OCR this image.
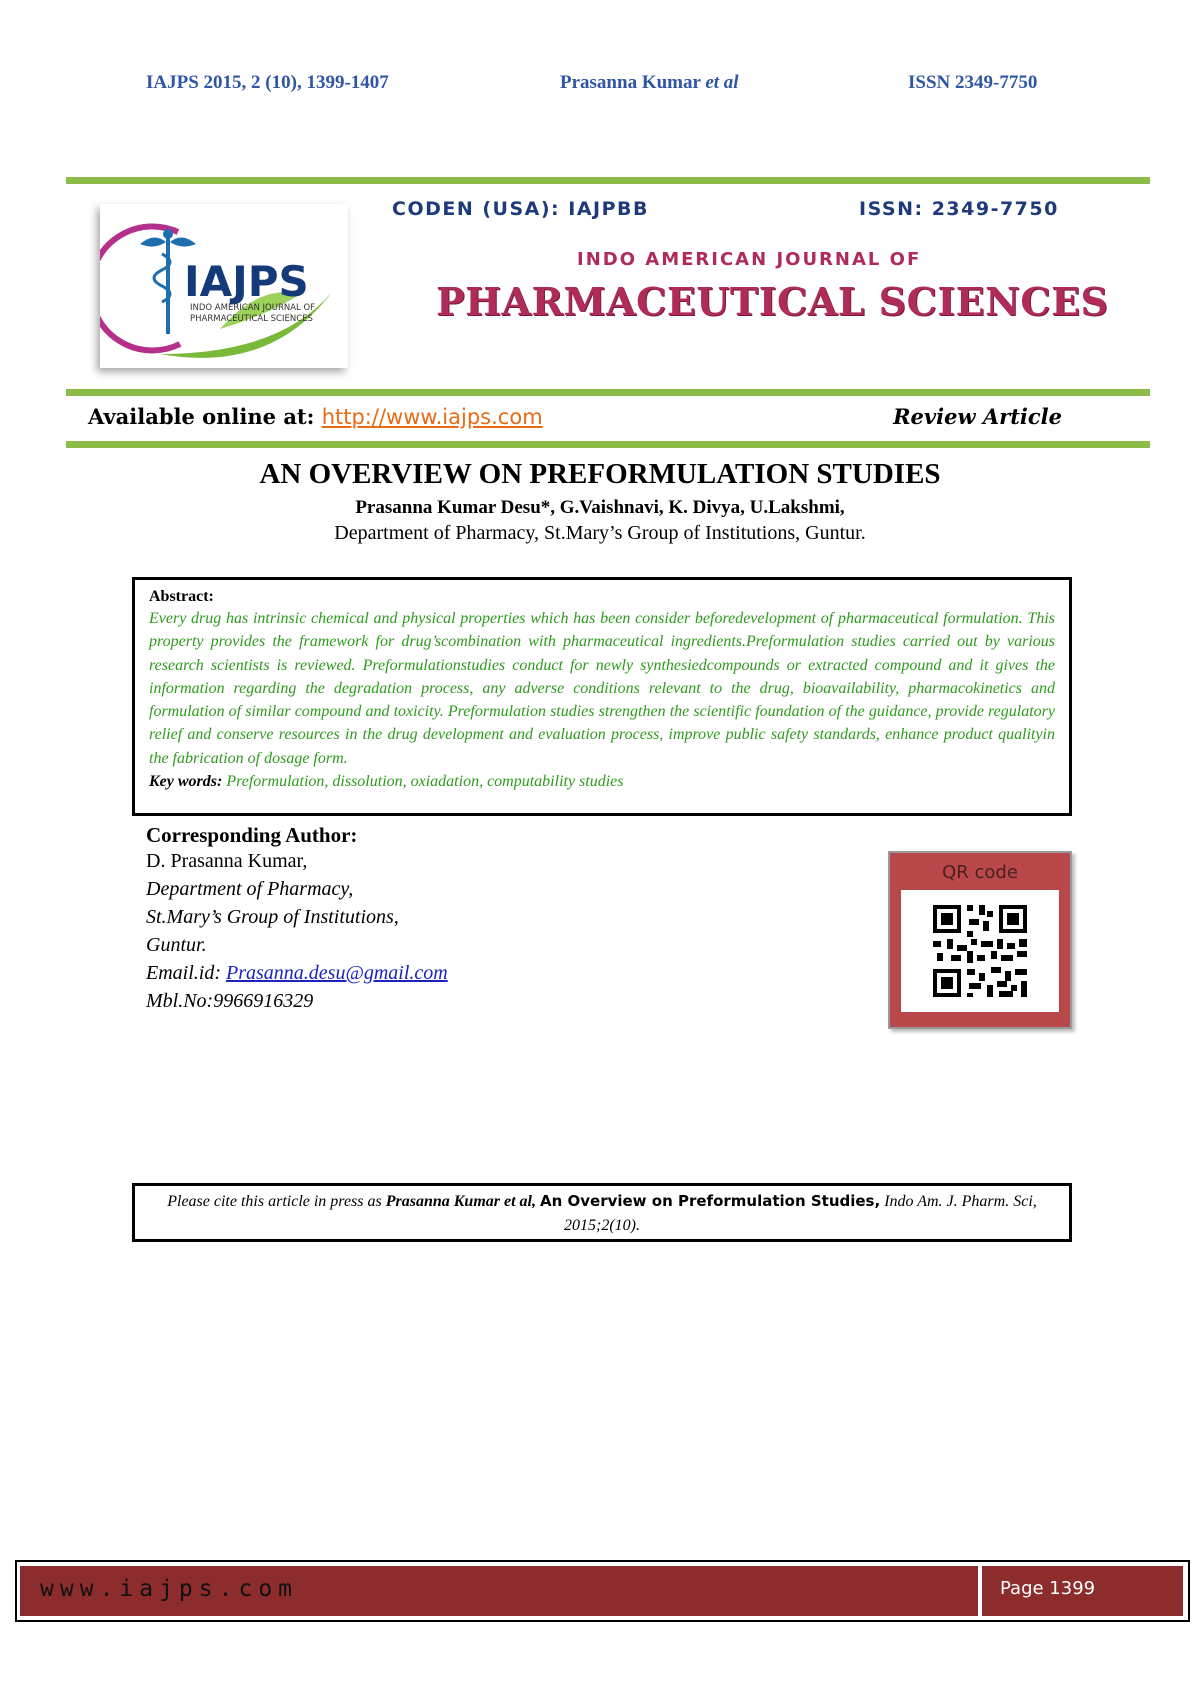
IAJPS 2015, 2 (10), 1399-1407	Prasanna Kumar et al	ISSN 2349-7750
IAJPS
INDO AMERICAN JOURNAL OF
PHARMACEUTICAL SCIENCES
CODEN (USA): IAJPBB	ISSN: 2349-7750
INDO AMERICAN JOURNAL OF
PHARMACEUTICAL SCIENCES
Available online at: http://www.iajps.com	Review Article
AN OVERVIEW ON PREFORMULATION STUDIES
Prasanna Kumar Desu*, G.Vaishnavi, K. Divya, U.Lakshmi,
Department of Pharmacy, St.Mary’s Group of Institutions, Guntur.
Abstract:
Every drug has intrinsic chemical and physical properties which has been consider beforedevelopment of pharmaceutical formulation. This property provides the framework for drug’scombination with pharmaceutical ingredients.Preformulation studies carried out by various research scientists is reviewed. Preformulationstudies conduct for newly synthesiedcompounds or extracted compound and it gives the information regarding the degradation process, any adverse conditions relevant to the drug, bioavailability, pharmacokinetics and formulation of similar compound and toxicity. Preformulation studies strengthen the scientific foundation of the guidance, provide regulatory relief and conserve resources in the drug development and evaluation process, improve public safety standards, enhance product qualityin the fabrication of dosage form.
Key words: Preformulation, dissolution, oxiadation, computability studies
Corresponding Author:
D. Prasanna Kumar,
Department of Pharmacy,
St.Mary’s Group of Institutions,
Guntur.
Email.id: Prasanna.desu@gmail.com
Mbl.No:9966916329
QR code
Please cite this article in press as Prasanna Kumar et al, An Overview on Preformulation Studies, Indo Am. J. Pharm. Sci, 2015;2(10).
www.iajps.com	Page 1399
